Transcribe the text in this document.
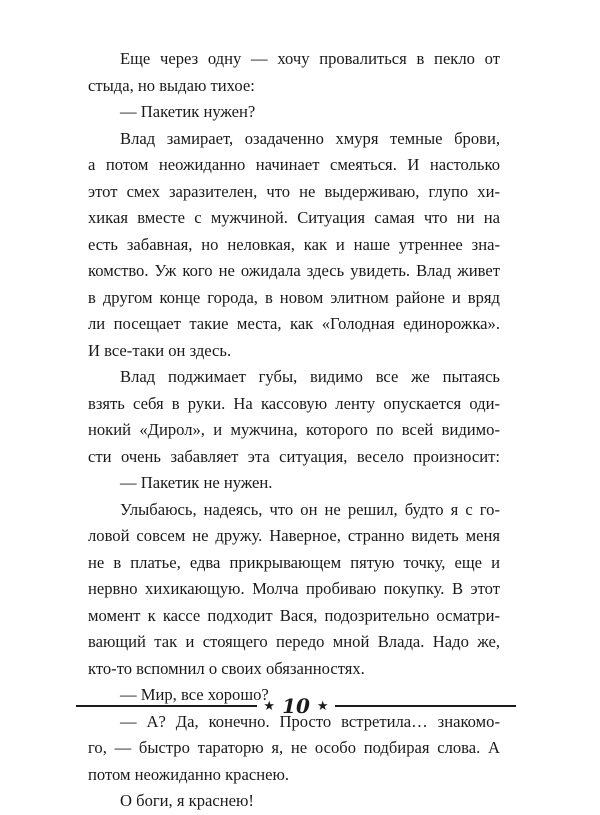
Еще через одну — хочу провалиться в пекло от
стыда, но выдаю тихое:
— Пакетик нужен?
Влад замирает, озадаченно хмуря темные брови,
а потом неожиданно начинает смеяться. И настолько
этот смех заразителен, что не выдерживаю, глупо хи-
хикая вместе с мужчиной. Ситуация самая что ни на
есть забавная, но неловкая, как и наше утреннее зна-
комство. Уж кого не ожидала здесь увидеть. Влад живет
в другом конце города, в новом элитном районе и вряд
ли посещает такие места, как «Голодная единорожка».
И все-таки он здесь.
Влад поджимает губы, видимо все же пытаясь
взять себя в руки. На кассовую ленту опускается оди-
нокий «Дирол», и мужчина, которого по всей видимо-
сти очень забавляет эта ситуация, весело произносит:
— Пакетик не нужен.
Улыбаюсь, надеясь, что он не решил, будто я с го-
ловой совсем не дружу. Наверное, странно видеть меня
не в платье, едва прикрывающем пятую точку, еще и
нервно хихикающую. Молча пробиваю покупку. В этот
момент к кассе подходит Вася, подозрительно осматри-
вающий так и стоящего передо мной Влада. Надо же,
кто-то вспомнил о своих обязанностях.
— Мир, все хорошо?
— А? Да, конечно. Просто встретила… знакомо-
го, — быстро тараторю я, не особо подбирая слова. А
потом неожиданно краснею.
О боги, я краснею!
★ 10 ★
